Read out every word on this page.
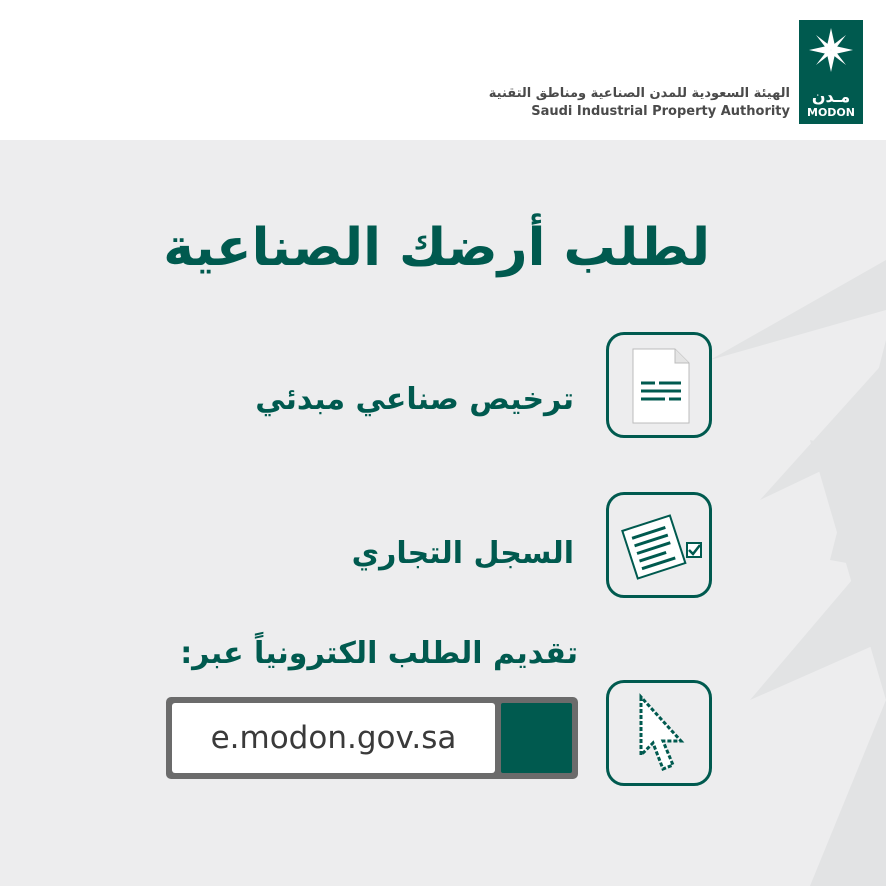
مـدن
MODON
الهيئة السعودية للمدن الصناعية ومناطق التقنية
Saudi Industrial Property Authority
لطلب أرضك الصناعية
ترخيص صناعي مبدئي
السجل التجاري
تقديم الطلب الكترونياً عبر:
e.modon.gov.sa
